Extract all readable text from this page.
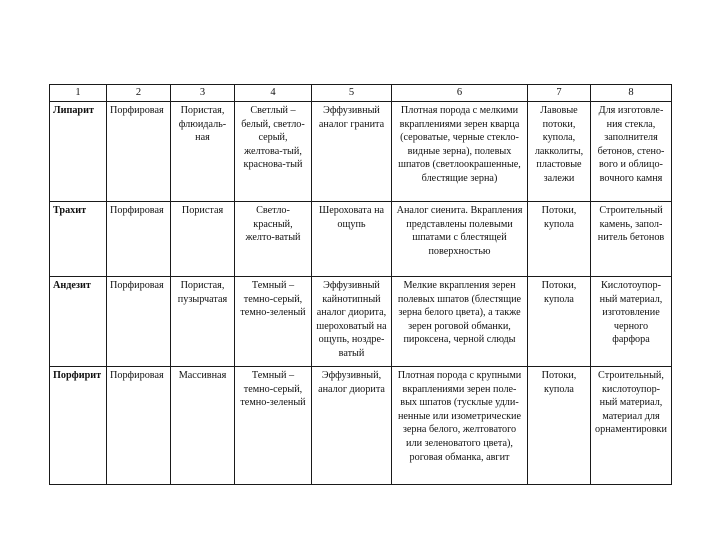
1	2	3	4	5	6	7	8
Липарит	Порфировая	Пористая, флюидаль-ная	Светлый – белый, светло-серый, желтова-тый, краснова-тый	Эффузивный аналог гранита	Плотная порода с мелкими вкраплениями зерен кварца (сероватые, черные стекло-видные зерна), полевых шпатов (светлоокрашенные, блестящие зерна)	Лавовые потоки, купола, лакколиты, пластовые залежи	Для изготовле-ния стекла, заполнителя бетонов, стено-вого и облицо-вочного камня
Трахит	Порфировая	Пористая	Светло-красный, желто-ватый	Шероховата на ощупь	Аналог сиенита. Вкрапления представлены полевыми шпатами с блестящей поверхностью	Потоки, купола	Строительный камень, запол-нитель бетонов
Андезит	Порфировая	Пористая, пузырчатая	Темный – темно-серый, темно-зеленый	Эффузивный кайнотипный аналог диорита, шероховатый на ощупь, ноздре-ватый	Мелкие вкрапления зерен полевых шпатов (блестящие зерна белого цвета), а также зерен роговой обманки, пироксена, черной слюды	Потоки, купола	Кислотоупор-ный материал, изготовление черного фарфора
Порфирит	Порфировая	Массивная	Темный – темно-серый, темно-зеленый	Эффузивный, аналог диорита	Плотная порода с крупными вкраплениями зерен поле-вых шпатов (тусклые удли-ненные или изометрические зерна белого, желтоватого или зеленоватого цвета), роговая обманка, авгит	Потоки, купола	Строительный, кислотоупор-ный материал, материал для орнаментировки
